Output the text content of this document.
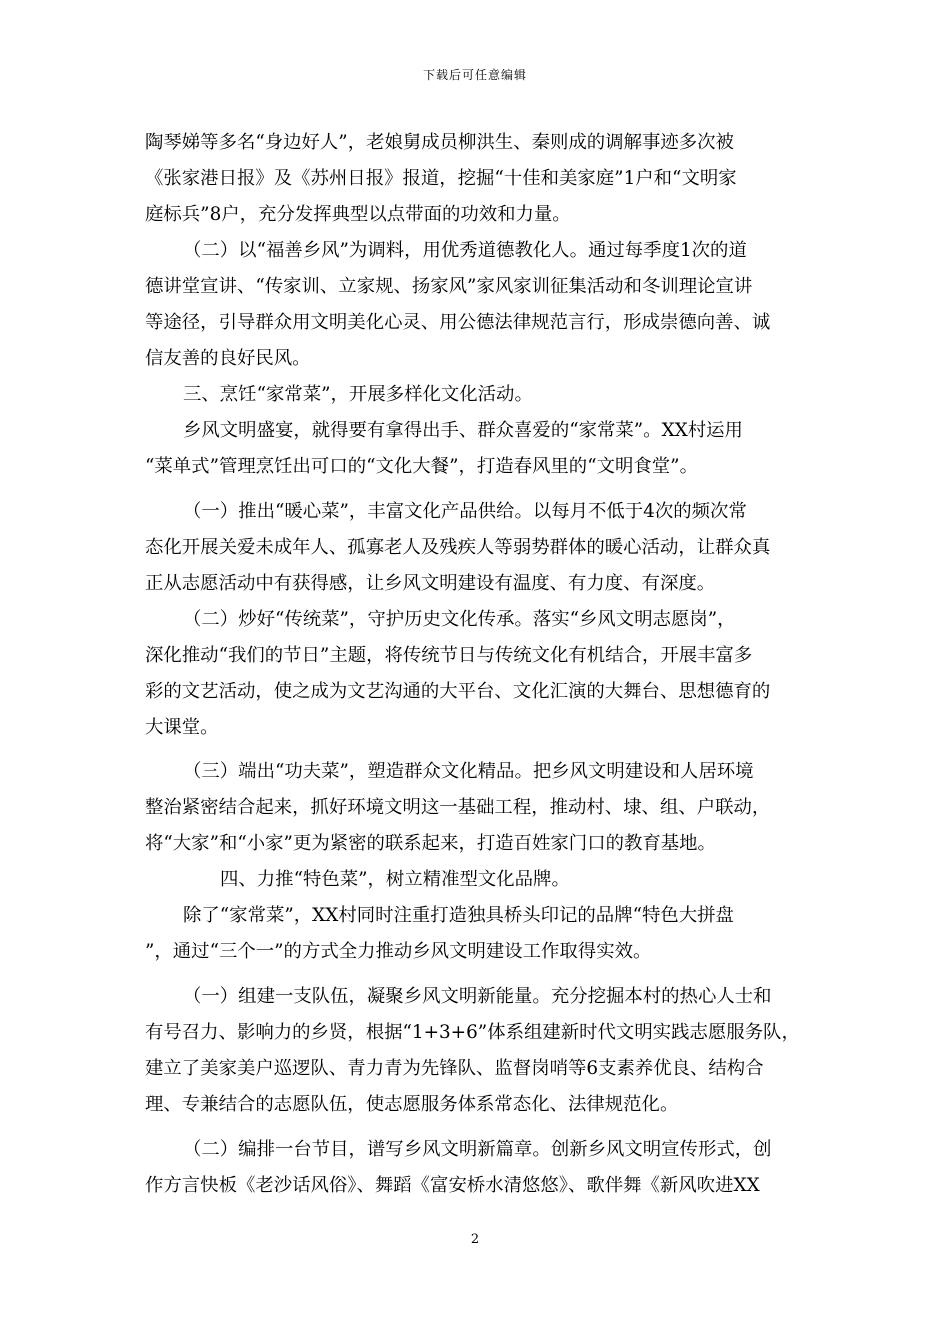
下载后可任意编辑
陶琴娣等多名“身边好人”，老娘舅成员柳洪生、秦则成的调解事迹多次被
《张家港日报》及《苏州日报》报道，挖掘“十佳和美家庭”1户和“文明家
庭标兵”8户，充分发挥典型以点带面的功效和力量。
（二）以“福善乡风”为调料，用优秀道德教化人。通过每季度1次的道
德讲堂宣讲、“传家训、立家规、扬家风”家风家训征集活动和冬训理论宣讲
等途径，引导群众用文明美化心灵、用公德法律规范言行，形成崇德向善、诚
信友善的良好民风。
三、烹饪“家常菜”，开展多样化文化活动。
乡风文明盛宴，就得要有拿得出手、群众喜爱的“家常菜”。XX村运用
“菜单式”管理烹饪出可口的“文化大餐”，打造春风里的“文明食堂”。
（一）推出“暖心菜”，丰富文化产品供给。以每月不低于4次的频次常
态化开展关爱未成年人、孤寡老人及残疾人等弱势群体的暖心活动，让群众真
正从志愿活动中有获得感，让乡风文明建设有温度、有力度、有深度。
（二）炒好“传统菜”，守护历史文化传承。落实“乡风文明志愿岗”，
深化推动“我们的节日”主题，将传统节日与传统文化有机结合，开展丰富多
彩的文艺活动，使之成为文艺沟通的大平台、文化汇演的大舞台、思想德育的
大课堂。
（三）端出“功夫菜”，塑造群众文化精品。把乡风文明建设和人居环境
整治紧密结合起来，抓好环境文明这一基础工程，推动村、埭、组、户联动，
将“大家”和“小家”更为紧密的联系起来，打造百姓家门口的教育基地。
四、力推“特色菜”，树立精准型文化品牌。
除了“家常菜”，XX村同时注重打造独具桥头印记的品牌“特色大拼盘
”，通过“三个一”的方式全力推动乡风文明建设工作取得实效。
（一）组建一支队伍，凝聚乡风文明新能量。充分挖掘本村的热心人士和
有号召力、影响力的乡贤，根据“1+3+6”体系组建新时代文明实践志愿服务队，
建立了美家美户巡逻队、青力青为先锋队、监督岗哨等6支素养优良、结构合
理、专兼结合的志愿队伍，使志愿服务体系常态化、法律规范化。
（二）编排一台节目，谱写乡风文明新篇章。创新乡风文明宣传形式，创
作方言快板《老沙话风俗》、舞蹈《富安桥水清悠悠》、歌伴舞《新风吹进XX
2
